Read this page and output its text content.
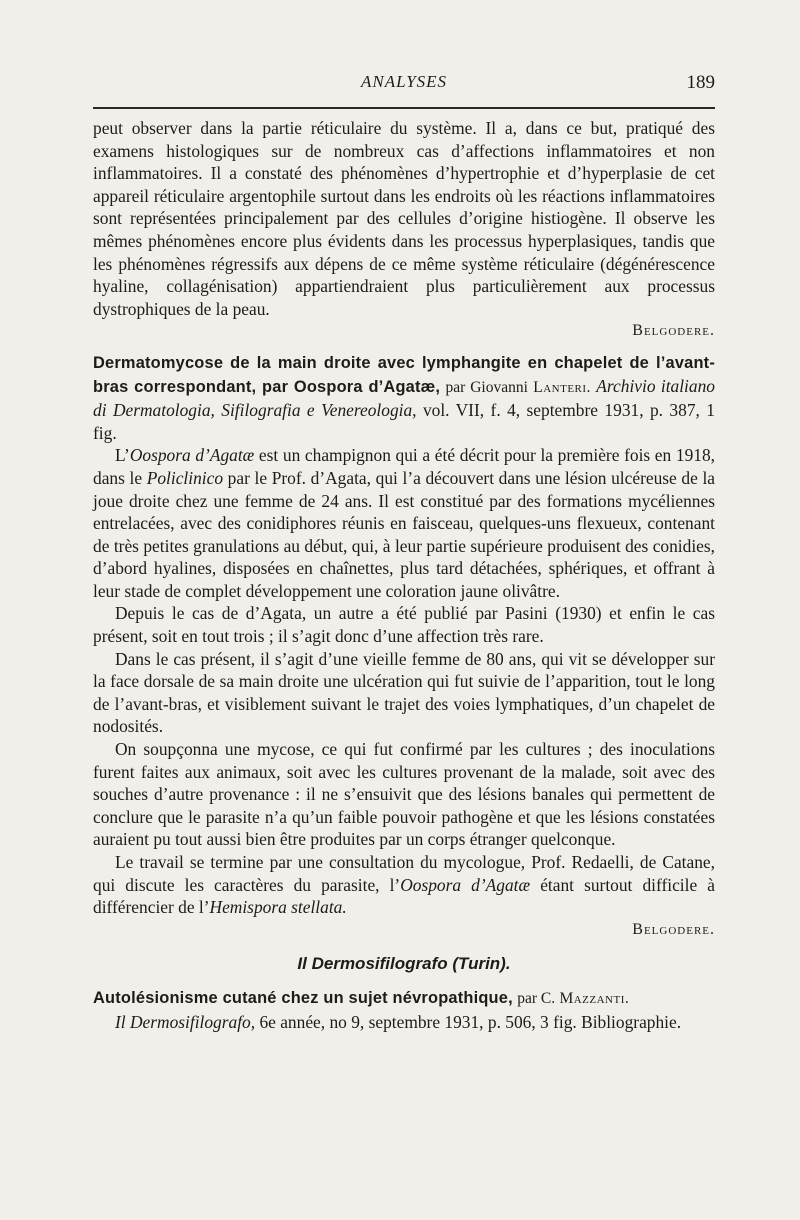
ANALYSES	189

peut observer dans la partie réticulaire du système. Il a, dans ce but, pratiqué des examens histologiques sur de nombreux cas d’affections inflammatoires et non inflammatoires. Il a constaté des phénomènes d’hypertrophie et d’hyperplasie de cet appareil réticulaire argentophile surtout dans les endroits où les réactions inflammatoires sont représentées principalement par des cellules d’origine histiogène. Il observe les mêmes phénomènes encore plus évidents dans les processus hyperplasiques, tandis que les phénomènes régressifs aux dépens de ce même système réticulaire (dégénérescence hyaline, collagénisation) appartiendraient plus particulièrement aux processus dystrophiques de la peau.

Belgodere.

Dermatomycose de la main droite avec lymphangite en chapelet de l’avant-bras correspondant, par Oospora d’Agatæ, par Giovanni Lanteri. Archivio italiano di Dermatologia, Sifilografia e Venereologia, vol. VII, f. 4, septembre 1931, p. 387, 1 fig.

L’Oospora d’Agatæ est un champignon qui a été décrit pour la première fois en 1918, dans le Policlinico par le Prof. d’Agata, qui l’a découvert dans une lésion ulcéreuse de la joue droite chez une femme de 24 ans. Il est constitué par des formations mycéliennes entrelacées, avec des conidiphores réunis en faisceau, quelques-uns flexueux, contenant de très petites granulations au début, qui, à leur partie supérieure produisent des conidies, d’abord hyalines, disposées en chaînettes, plus tard détachées, sphériques, et offrant à leur stade de complet développement une coloration jaune olivâtre.

Depuis le cas de d’Agata, un autre a été publié par Pasini (1930) et enfin le cas présent, soit en tout trois ; il s’agit donc d’une affection très rare.

Dans le cas présent, il s’agit d’une vieille femme de 80 ans, qui vit se développer sur la face dorsale de sa main droite une ulcération qui fut suivie de l’apparition, tout le long de l’avant-bras, et visiblement suivant le trajet des voies lymphatiques, d’un chapelet de nodosités.

On soupçonna une mycose, ce qui fut confirmé par les cultures ; des inoculations furent faites aux animaux, soit avec les cultures provenant de la malade, soit avec des souches d’autre provenance : il ne s’ensuivit que des lésions banales qui permettent de conclure que le parasite n’a qu’un faible pouvoir pathogène et que les lésions constatées auraient pu tout aussi bien être produites par un corps étranger quelconque.

Le travail se termine par une consultation du mycologue, Prof. Redaelli, de Catane, qui discute les caractères du parasite, l’Oospora d’Agatæ étant surtout difficile à différencier de l’Hemispora stellata.

Belgodere.

Il Dermosifilografo (Turin).

Autolésionisme cutané chez un sujet névropathique, par C. Mazzanti.

Il Dermosifilografo, 6e année, no 9, septembre 1931, p. 506, 3 fig. Bibliographie.
